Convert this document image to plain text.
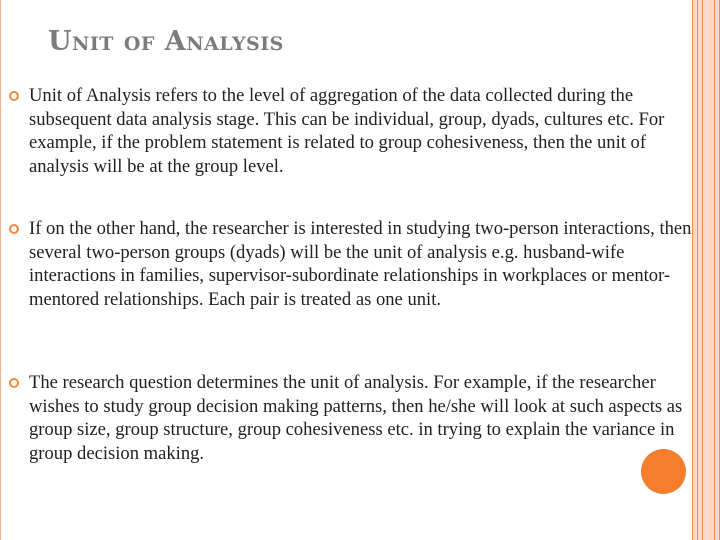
Unit of Analysis
Unit of Analysis refers to the level of aggregation of the data collected during the subsequent data analysis stage. This can be individual, group, dyads, cultures etc. For example, if the problem statement is related to group cohesiveness, then the unit of analysis will be at the group level.
If on the other hand, the researcher is interested in studying two-person interactions, then several two-person groups (dyads) will be the unit of analysis e.g. husband-wife interactions in families, supervisor-subordinate relationships in workplaces or mentor-mentored relationships. Each pair is treated as one unit.
The research question determines the unit of analysis. For example, if the researcher wishes to study group decision making patterns, then he/she will look at such aspects as group size, group structure, group cohesiveness etc. in trying to explain the variance in group decision making.
